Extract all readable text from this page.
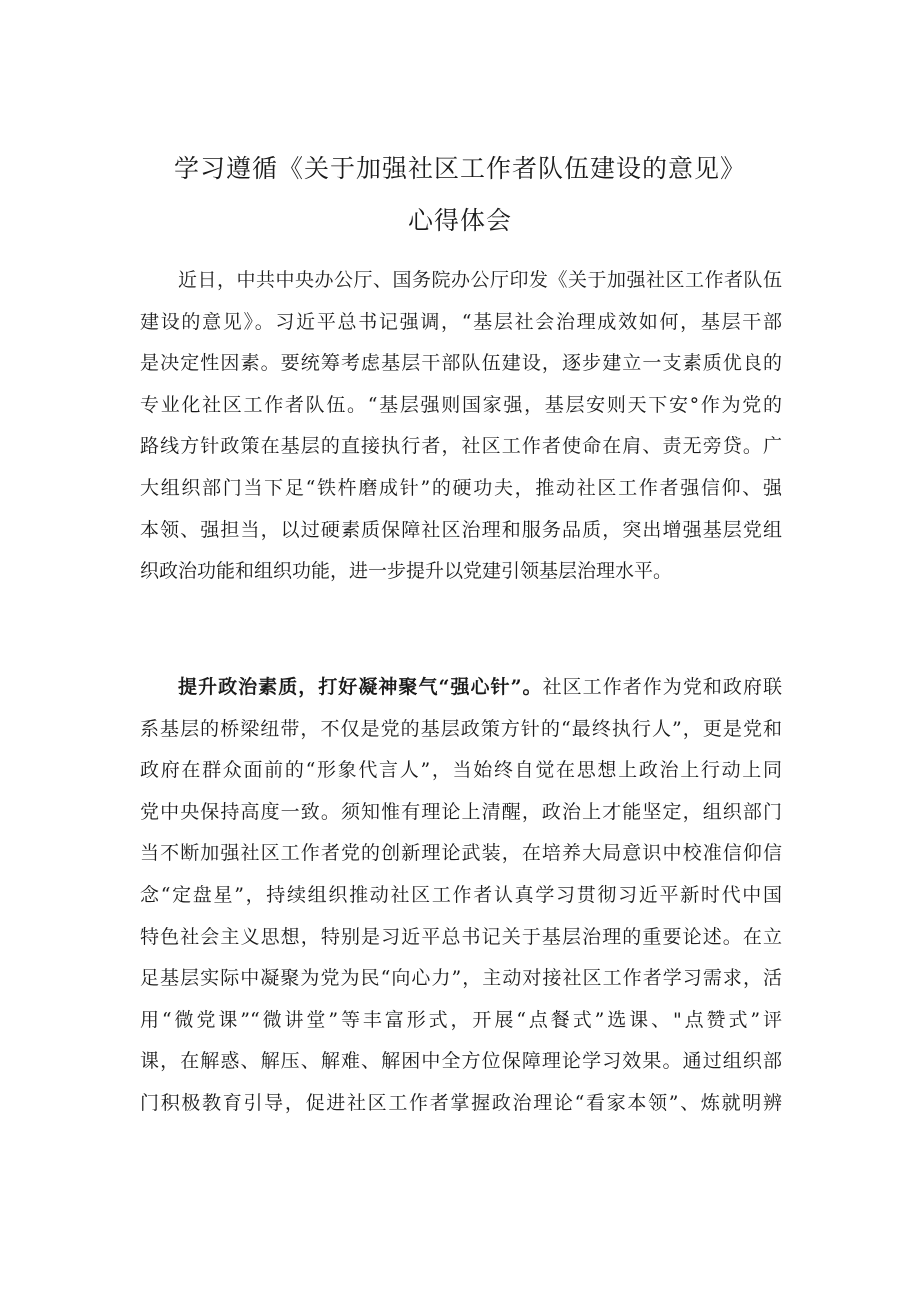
学习遵循《关于加强社区工作者队伍建设的意见》
心得体会
近日，中共中央办公厅、国务院办公厅印发《关于加强社区工作者队伍
建设的意见》。习近平总书记强调，“基层社会治理成效如何，基层干部
是决定性因素。要统筹考虑基层干部队伍建设，逐步建立一支素质优良的
专业化社区工作者队伍。“基层强则国家强，基层安则天下安°作为党的
路线方针政策在基层的直接执行者，社区工作者使命在肩、责无旁贷。广
大组织部门当下足“铁杵磨成针”的硬功夫，推动社区工作者强信仰、强
本领、强担当，以过硬素质保障社区治理和服务品质，突出增强基层党组
织政治功能和组织功能，进一步提升以党建引领基层治理水平。
提升政治素质，打好凝神聚气“强心针”。社区工作者作为党和政府联
系基层的桥梁纽带，不仅是党的基层政策方针的“最终执行人”，更是党和
政府在群众面前的“形象代言人”，当始终自觉在思想上政治上行动上同
党中央保持高度一致。须知惟有理论上清醒，政治上才能坚定，组织部门
当不断加强社区工作者党的创新理论武装，在培养大局意识中校准信仰信
念“定盘星”，持续组织推动社区工作者认真学习贯彻习近平新时代中国
特色社会主义思想，特别是习近平总书记关于基层治理的重要论述。在立
足基层实际中凝聚为党为民“向心力”，主动对接社区工作者学习需求，活
用“微党课”“微讲堂”等丰富形式，开展“点餐式”选课、"点赞式”评
课，在解惑、解压、解难、解困中全方位保障理论学习效果。通过组织部
门积极教育引导，促进社区工作者掌握政治理论“看家本领”、炼就明辨
